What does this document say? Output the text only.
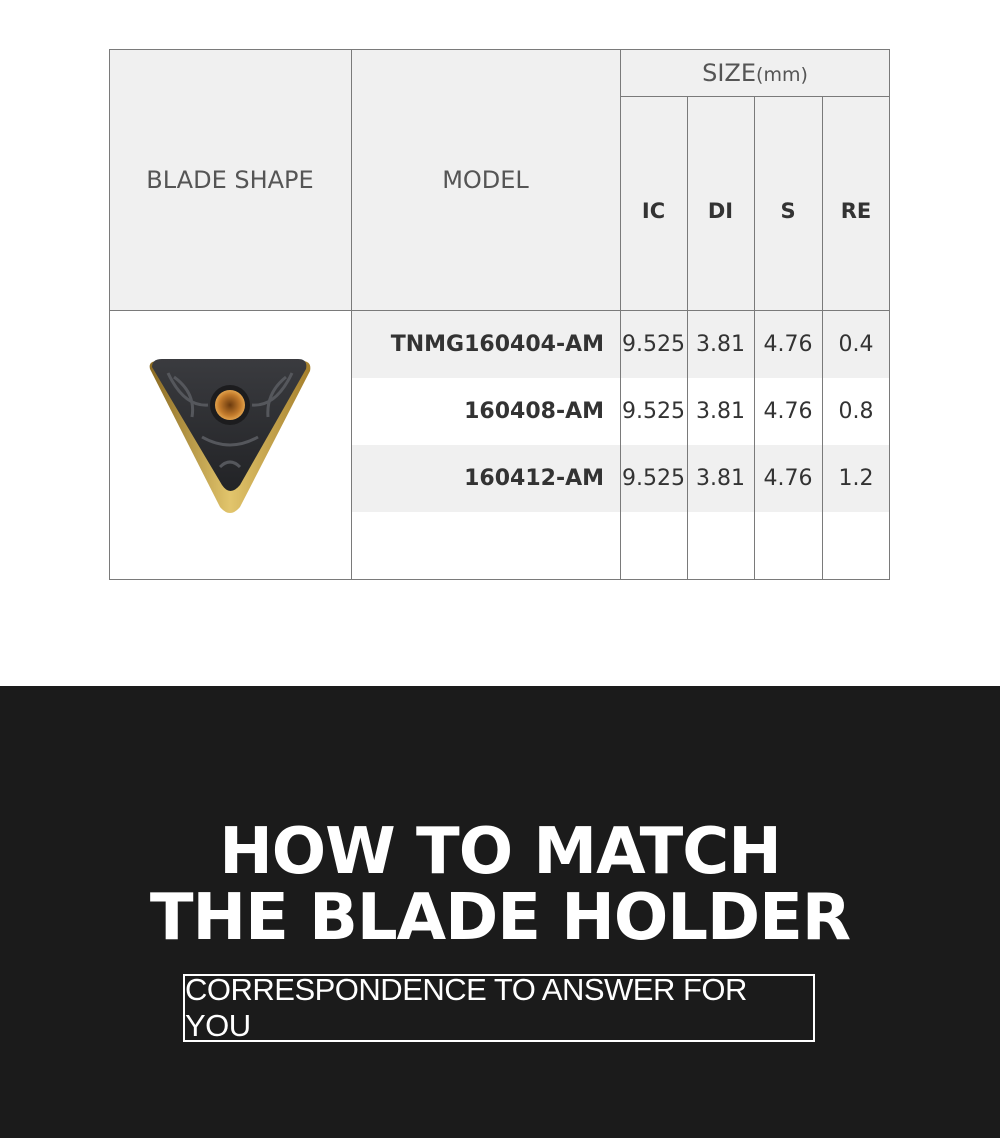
BLADE SHAPE	MODEL
SIZE(mm)
IC DI S RE
TNMG160404-AM 9.525 3.81 4.76 0.4
160408-AM 9.525 3.81 4.76 0.8
160412-AM 9.525 3.81 4.76 1.2
HOW TO MATCH
THE BLADE HOLDER
CORRESPONDENCE TO ANSWER FOR YOU
